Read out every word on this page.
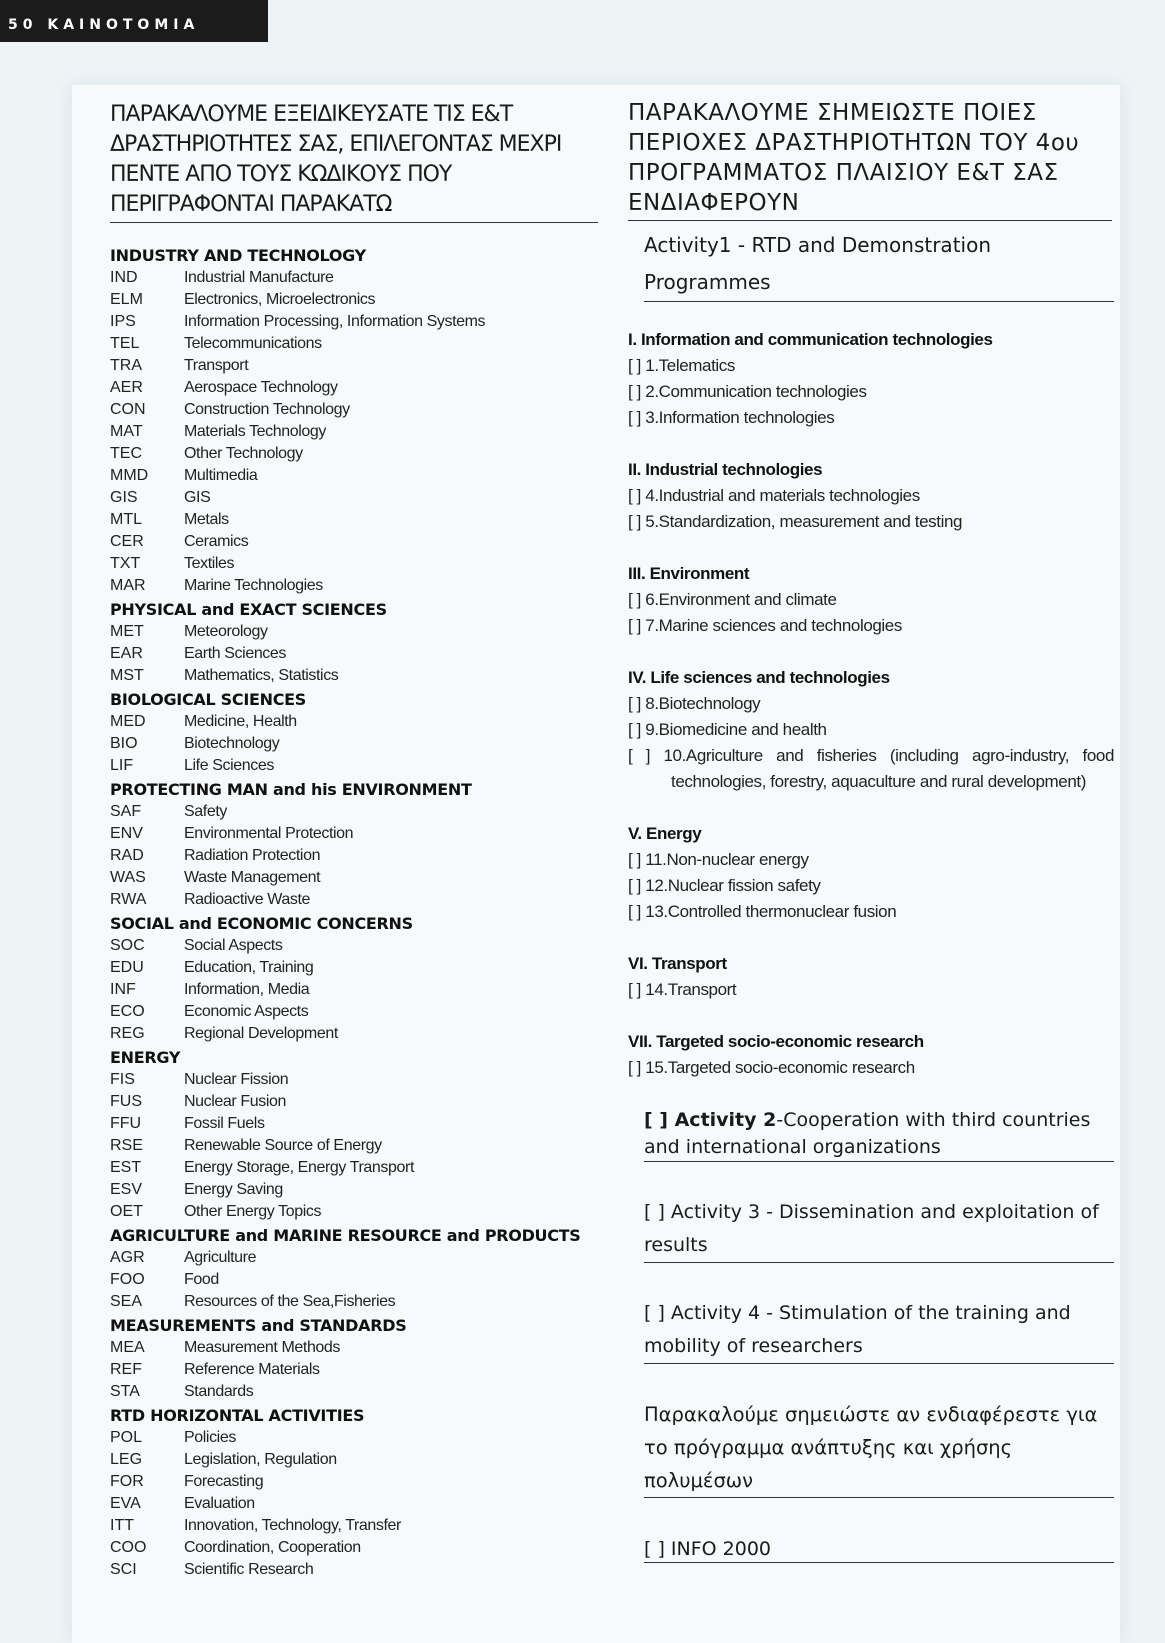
50 ΚΑΙΝΟΤΟΜΙΑ
ΠΑΡΑΚΑΛΟΥΜΕ ΕΞΕΙΔΙΚΕΥΣΑΤΕ ΤΙΣ Ε&Τ ΔΡΑΣΤΗΡΙΟΤΗΤΕΣ ΣΑΣ, ΕΠΙΛΕΓΟΝΤΑΣ ΜΕΧΡΙ ΠΕΝΤΕ ΑΠΟ ΤΟΥΣ ΚΩΔΙΚΟΥΣ ΠΟΥ ΠΕΡΙΓΡΑΦΟΝΤΑΙ ΠΑΡΑΚΑΤΩ
INDUSTRY AND TECHNOLOGY
IND	Industrial Manufacture
ELM	Electronics, Microelectronics
IPS	Information Processing, Information Systems
TEL	Telecommunications
TRA	Transport
AER	Aerospace Technology
CON	Construction Technology
MAT	Materials Technology
TEC	Other Technology
MMD	Multimedia
GIS	GIS
MTL	Metals
CER	Ceramics
TXT	Textiles
MAR	Marine Technologies
PHYSICAL and EXACT SCIENCES
MET	Meteorology
EAR	Earth Sciences
MST	Mathematics, Statistics
BIOLOGICAL SCIENCES
MED	Medicine, Health
BIO	Biotechnology
LIF	Life Sciences
PROTECTING MAN and his ENVIRONMENT
SAF	Safety
ENV	Environmental Protection
RAD	Radiation Protection
WAS	Waste Management
RWA	Radioactive Waste
SOCIAL and ECONOMIC CONCERNS
SOC	Social Aspects
EDU	Education, Training
INF	Information, Media
ECO	Economic Aspects
REG	Regional Development
ENERGY
FIS	Nuclear Fission
FUS	Nuclear Fusion
FFU	Fossil Fuels
RSE	Renewable Source of Energy
EST	Energy Storage, Energy Transport
ESV	Energy Saving
OET	Other Energy Topics
AGRICULTURE and MARINE RESOURCE and PRODUCTS
AGR	Agriculture
FOO	Food
SEA	Resources of the Sea,Fisheries
MEASUREMENTS and STANDARDS
MEA	Measurement Methods
REF	Reference Materials
STA	Standards
RTD HORIZONTAL ACTIVITIES
POL	Policies
LEG	Legislation, Regulation
FOR	Forecasting
EVA	Evaluation
ITT	Innovation, Technology, Transfer
COO	Coordination, Cooperation
SCI	Scientific Research
ΠΑΡΑΚΑΛΟΥΜΕ ΣΗΜΕΙΩΣΤΕ ΠΟΙΕΣ ΠΕΡΙΟΧΕΣ ΔΡΑΣΤΗΡΙΟΤΗΤΩΝ ΤΟΥ 4ου ΠΡΟΓΡΑΜΜΑΤΟΣ ΠΛΑΙΣΙΟΥ Ε&Τ ΣΑΣ ΕΝΔΙΑΦΕΡΟΥΝ
Activity1 - RTD and Demonstration Programmes
I. Information and communication technologies
[ ] 1.Telematics
[ ] 2.Communication technologies
[ ] 3.Information technologies
II. Industrial technologies
[ ] 4.Industrial and materials technologies
[ ] 5.Standardization, measurement and testing
III. Environment
[ ] 6.Environment and climate
[ ] 7.Marine sciences and technologies
IV. Life sciences and technologies
[ ] 8.Biotechnology
[ ] 9.Biomedicine and health
[ ] 10.Agriculture and fisheries (including agro-industry, food technologies, forestry, aquaculture and rural development)
V. Energy
[ ] 11.Non-nuclear energy
[ ] 12.Nuclear fission safety
[ ] 13.Controlled thermonuclear fusion
VI. Transport
[ ] 14.Transport
VII. Targeted socio-economic research
[ ] 15.Targeted socio-economic research
[ ] Activity 2-Cooperation with third countries and international organizations
[ ] Activity 3 - Dissemination and exploitation of results
[ ] Activity 4 - Stimulation of the training and mobility of researchers
Παρακαλούμε σημειώστε αν ενδιαφέρεστε για το πρόγραμμα ανάπτυξης και χρήσης πολυμέσων
[ ] INFO 2000
